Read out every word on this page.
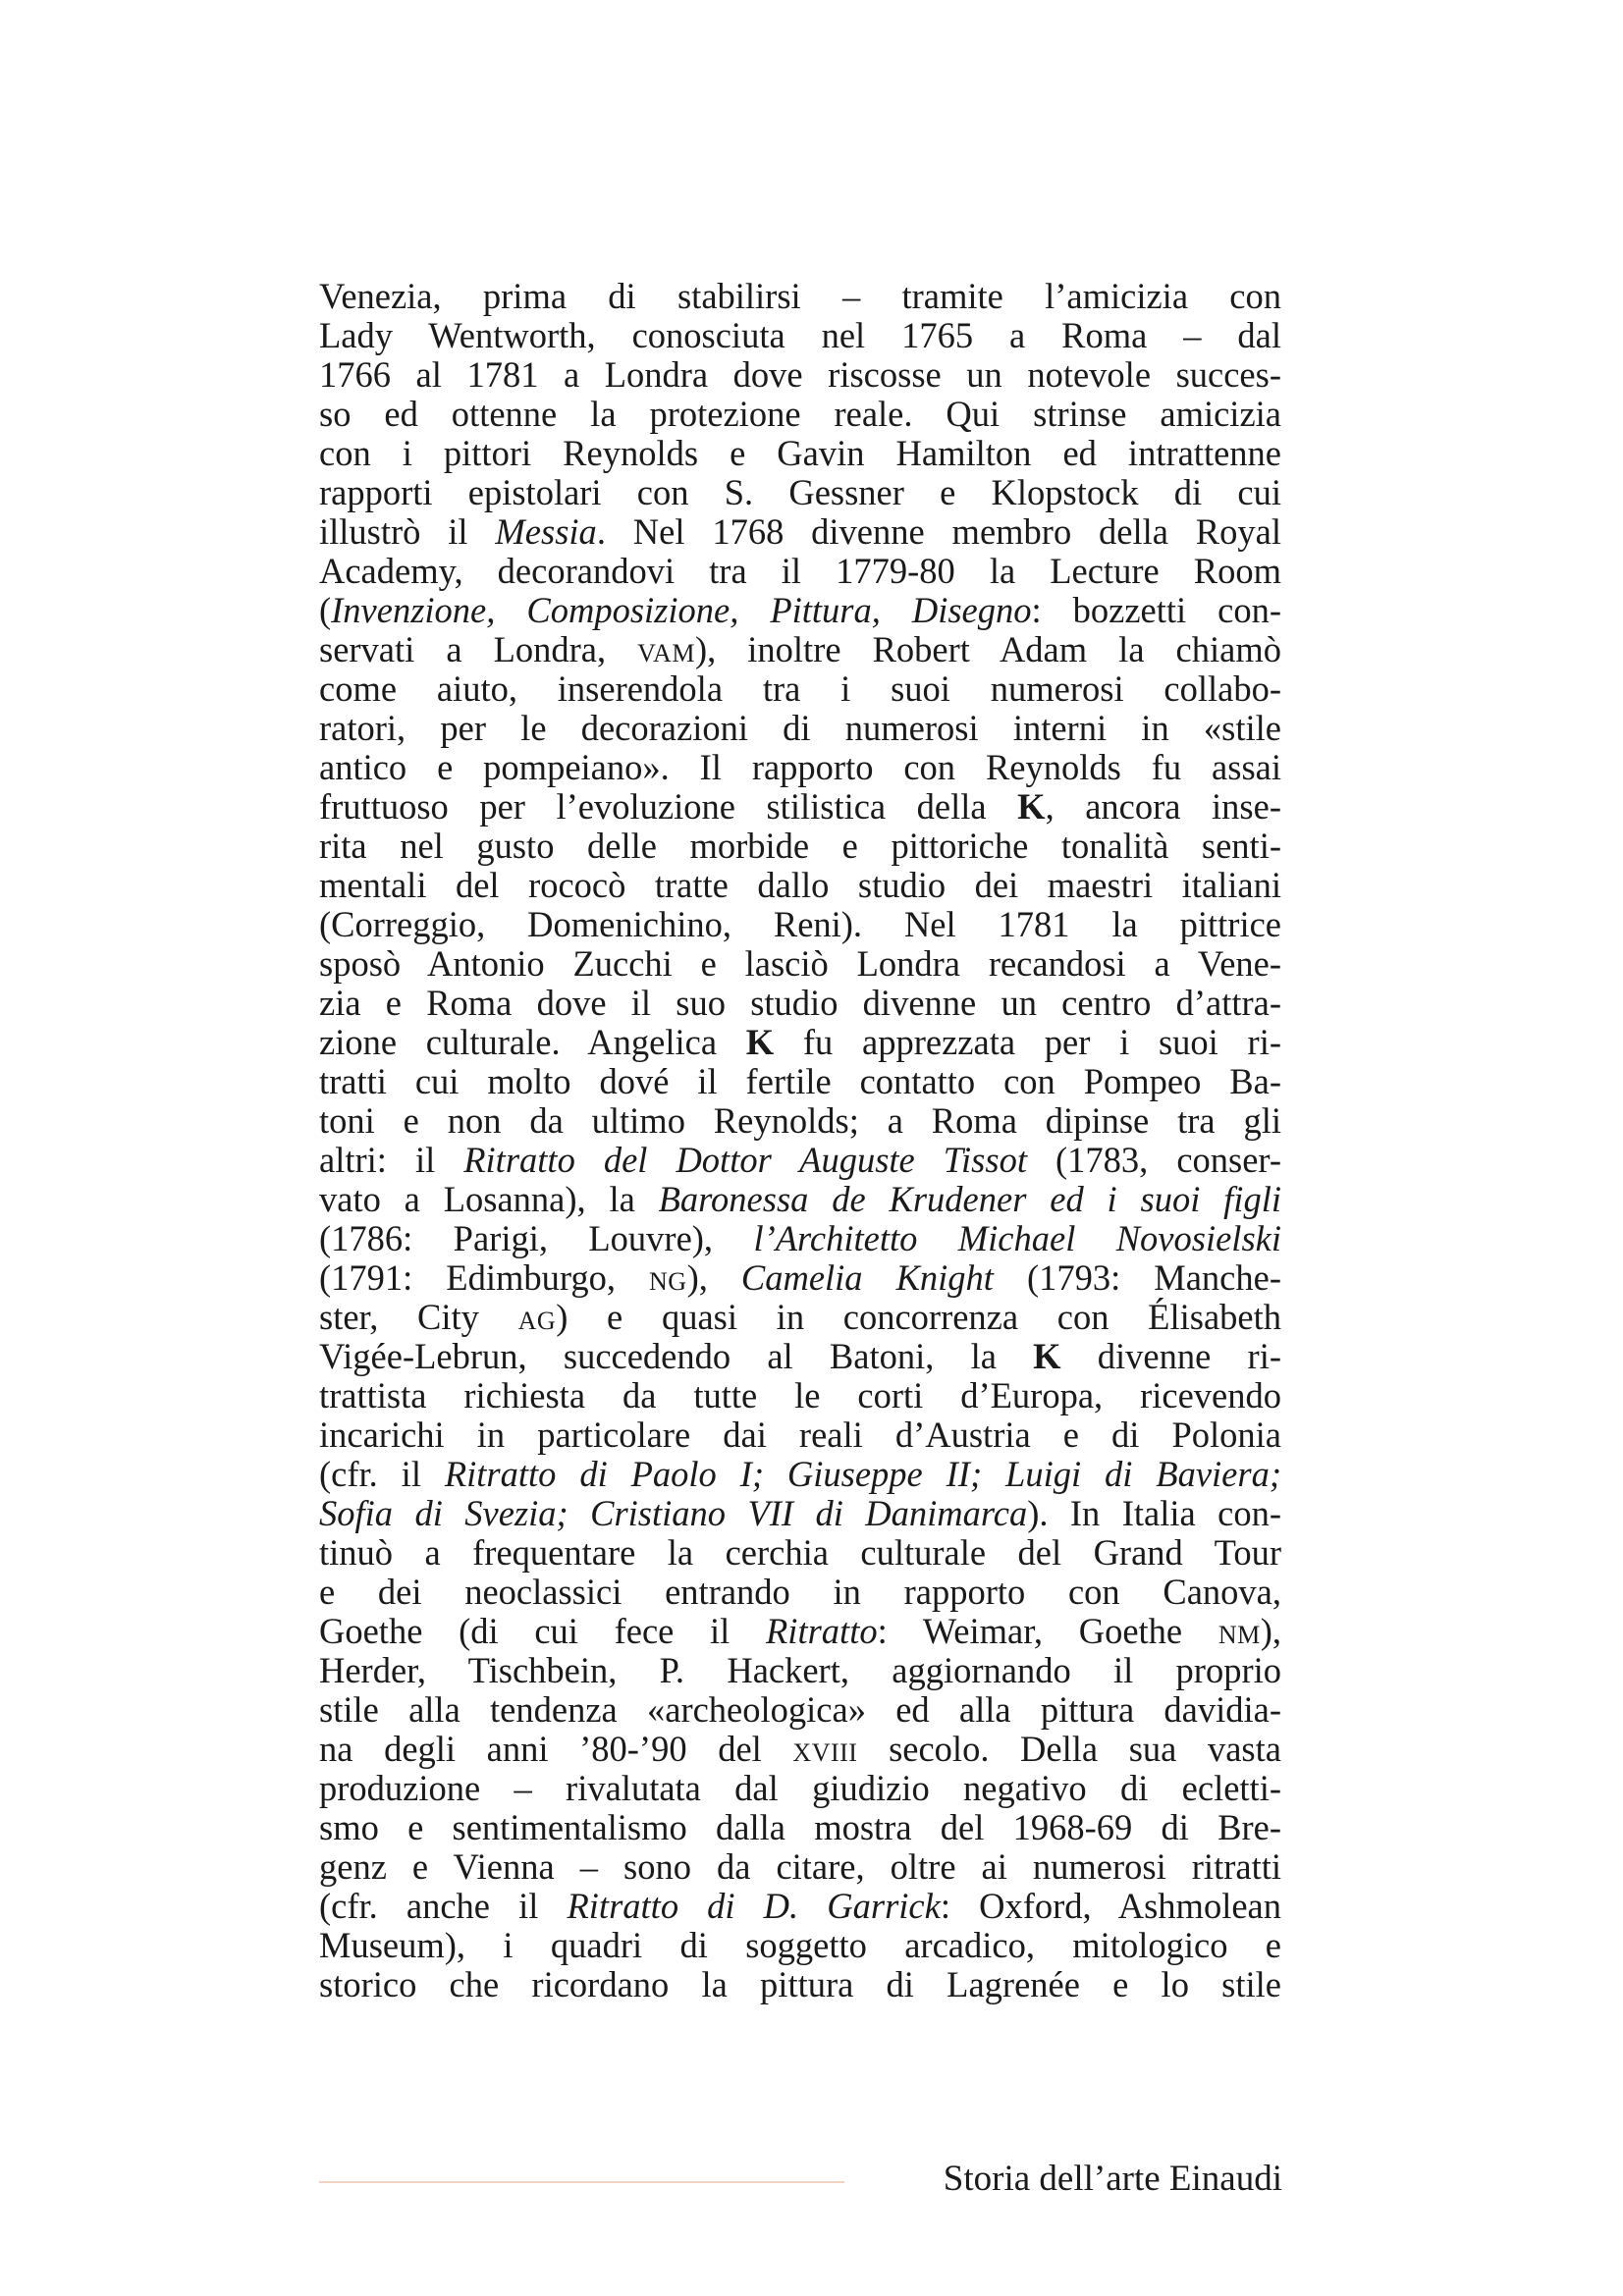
Venezia, prima di stabilirsi – tramite l’amicizia con
Lady Wentworth, conosciuta nel 1765 a Roma – dal
1766 al 1781 a Londra dove riscosse un notevole succes-
so ed ottenne la protezione reale. Qui strinse amicizia
con i pittori Reynolds e Gavin Hamilton ed intrattenne
rapporti epistolari con S. Gessner e Klopstock di cui
illustrò il Messia. Nel 1768 divenne membro della Royal
Academy, decorandovi tra il 1779-80 la Lecture Room
(Invenzione, Composizione, Pittura, Disegno: bozzetti con-
servati a Londra, vam), inoltre Robert Adam la chiamò
come aiuto, inserendola tra i suoi numerosi collabo-
ratori, per le decorazioni di numerosi interni in «stile
antico e pompeiano». Il rapporto con Reynolds fu assai
fruttuoso per l’evoluzione stilistica della K, ancora inse-
rita nel gusto delle morbide e pittoriche tonalità senti-
mentali del rococò tratte dallo studio dei maestri italiani
(Correggio, Domenichino, Reni). Nel 1781 la pittrice
sposò Antonio Zucchi e lasciò Londra recandosi a Vene-
zia e Roma dove il suo studio divenne un centro d’attra-
zione culturale. Angelica K fu apprezzata per i suoi ri-
tratti cui molto dové il fertile contatto con Pompeo Ba-
toni e non da ultimo Reynolds; a Roma dipinse tra gli
altri: il Ritratto del Dottor Auguste Tissot (1783, conser-
vato a Losanna), la Baronessa de Krudener ed i suoi figli
(1786: Parigi, Louvre), l’Architetto Michael Novosielski
(1791: Edimburgo, ng), Camelia Knight (1793: Manche-
ster, City ag) e quasi in concorrenza con Élisabeth
Vigée-Lebrun, succedendo al Batoni, la K divenne ri-
trattista richiesta da tutte le corti d’Europa, ricevendo
incarichi in particolare dai reali d’Austria e di Polonia
(cfr. il Ritratto di Paolo I; Giuseppe II; Luigi di Baviera;
Sofia di Svezia; Cristiano VII di Danimarca). In Italia con-
tinuò a frequentare la cerchia culturale del Grand Tour
e dei neoclassici entrando in rapporto con Canova,
Goethe (di cui fece il Ritratto: Weimar, Goethe nm),
Herder, Tischbein, P. Hackert, aggiornando il proprio
stile alla tendenza «archeologica» ed alla pittura davidia-
na degli anni ’80-’90 del xviii secolo. Della sua vasta
produzione – rivalutata dal giudizio negativo di ecletti-
smo e sentimentalismo dalla mostra del 1968-69 di Bre-
genz e Vienna – sono da citare, oltre ai numerosi ritratti
(cfr. anche il Ritratto di D. Garrick: Oxford, Ashmolean
Museum), i quadri di soggetto arcadico, mitologico e
storico che ricordano la pittura di Lagrenée e lo stile
Storia dell’arte Einaudi
